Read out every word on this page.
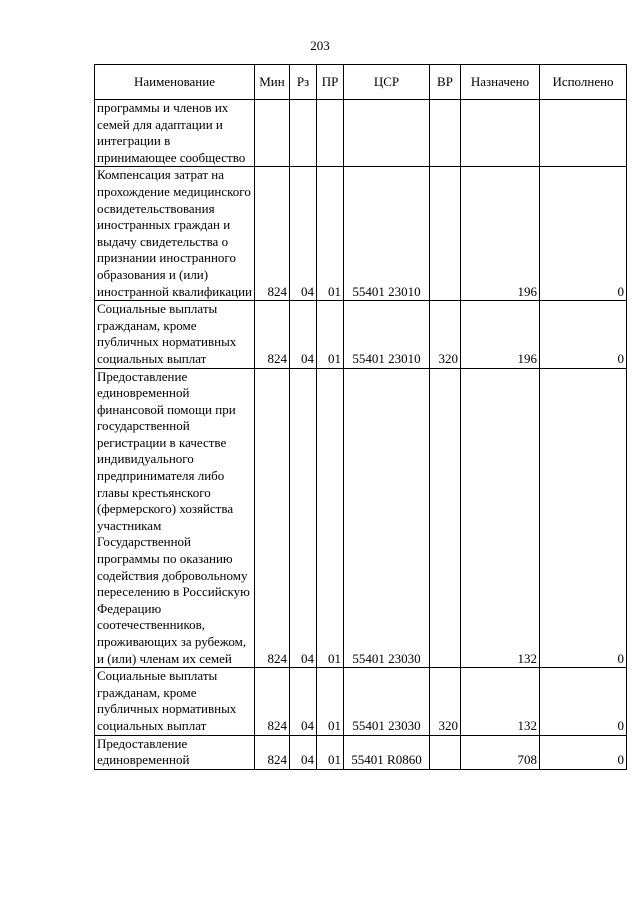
203
Наименование	Мин	Рз	ПР	ЦСР	ВР	Назначено	Исполнено
программы и членов их семей для адаптации и интеграции в принимающее сообщество							
Компенсация затрат на прохождение медицинского освидетельствования иностранных граждан и выдачу свидетельства о признании иностранного образования и (или) иностранной квалификации	824	04	01	55401 23010		196	0
Социальные выплаты гражданам, кроме публичных нормативных социальных выплат	824	04	01	55401 23010	320	196	0
Предоставление единовременной финансовой помощи при государственной регистрации в качестве индивидуального предпринимателя либо главы крестьянского (фермерского) хозяйства участникам Государственной программы по оказанию содействия добровольному переселению в Российскую Федерацию соотечественников, проживающих за рубежом, и (или) членам их семей	824	04	01	55401 23030		132	0
Социальные выплаты гражданам, кроме публичных нормативных социальных выплат	824	04	01	55401 23030	320	132	0
Предоставление единовременной	824	04	01	55401 R0860		708	0
